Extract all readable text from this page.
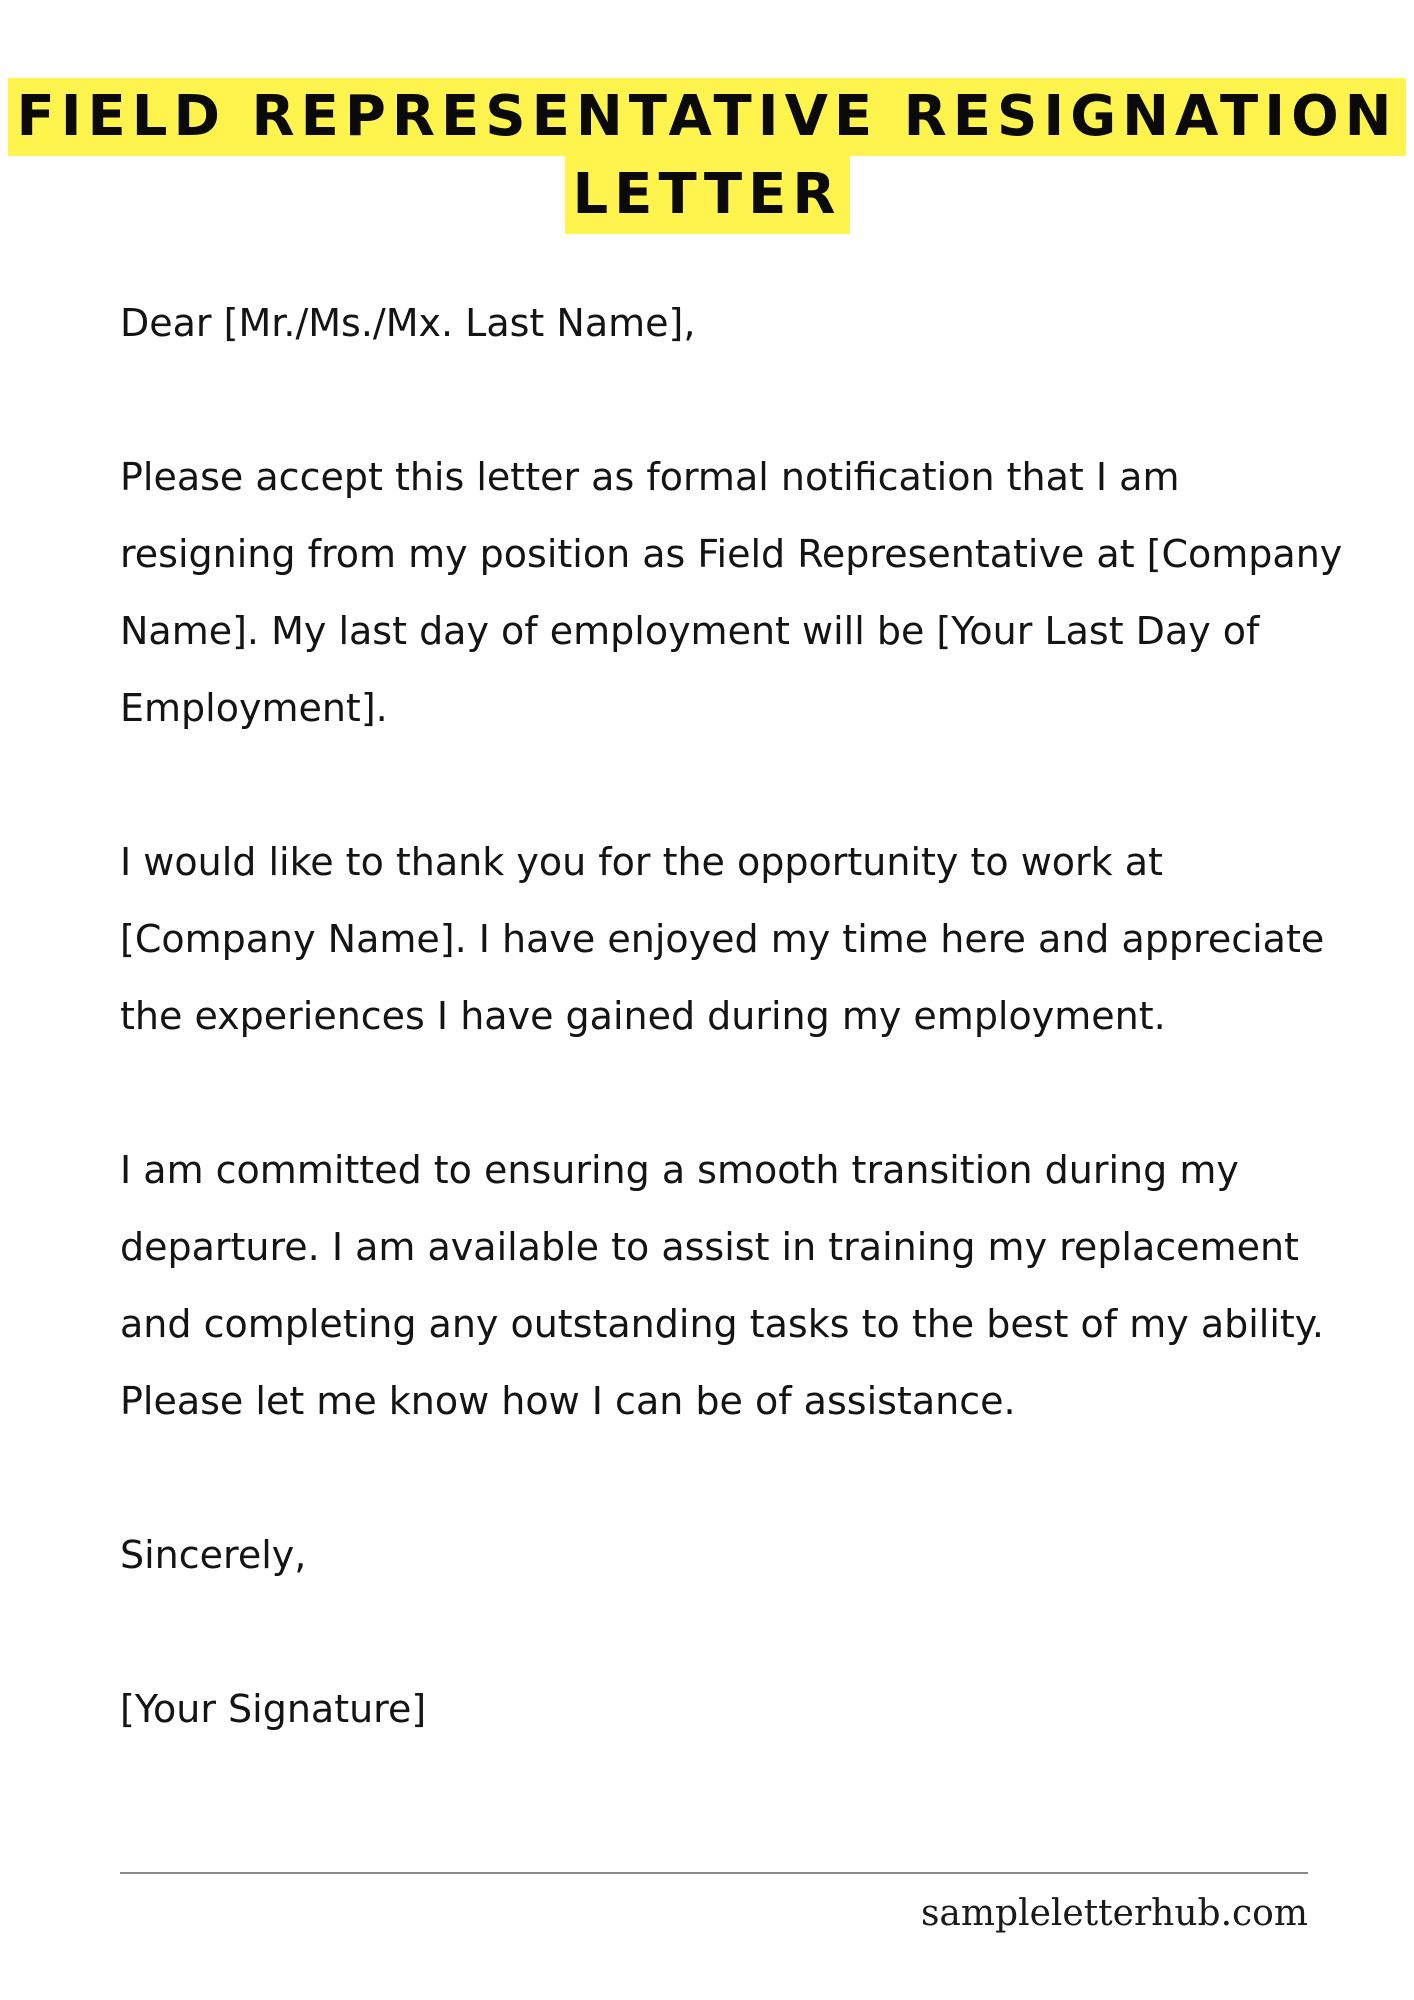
FIELD REPRESENTATIVE RESIGNATION
LETTER

Dear [Mr./Ms./Mx. Last Name],

Please accept this letter as formal notification that I am resigning from my position as Field Representative at [Company Name]. My last day of employment will be [Your Last Day of Employment].

I would like to thank you for the opportunity to work at [Company Name]. I have enjoyed my time here and appreciate the experiences I have gained during my employment.

I am committed to ensuring a smooth transition during my departure. I am available to assist in training my replacement and completing any outstanding tasks to the best of my ability. Please let me know how I can be of assistance.

Sincerely,

[Your Signature]

sampleletterhub.com
